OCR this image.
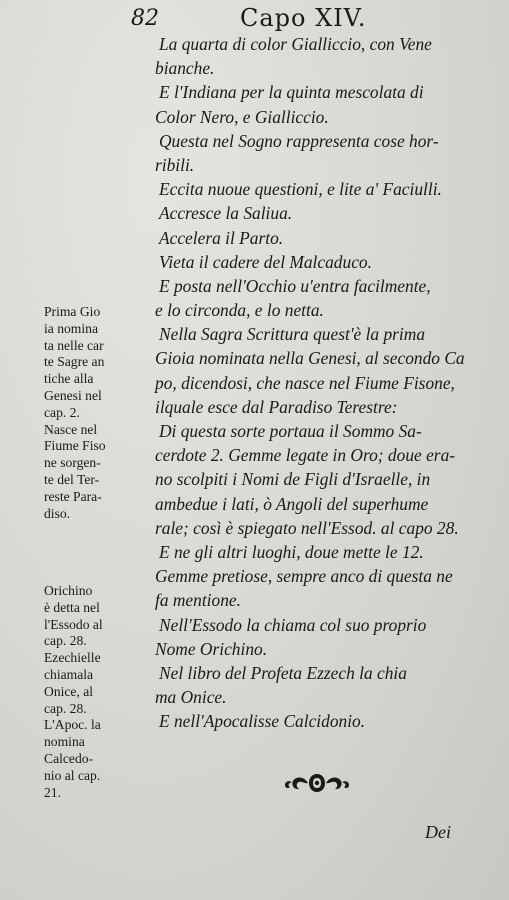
82	Capo XIV.
La quarta di color Gialliccio, con Vene
bianche.
E l'Indiana per la quinta mescolata di
Color Nero, e Gialliccio.
Questa nel Sogno rappresenta cose hor-
ribili.
Eccita nuoue questioni, e lite a' Faciulli.
Accresce la Saliua.
Accelera il Parto.
Vieta il cadere del Malcaduco.
E posta nell'Occhio u'entra facilmente,
e lo circonda, e lo netta.
Nella Sagra Scrittura quest'è la prima
Gioia nominata nella Genesi, al secondo Ca
po, dicendosi, che nasce nel Fiume Fisone,
ilquale esce dal Paradiso Terestre:
Di questa sorte portaua il Sommo Sa-
cerdote 2. Gemme legate in Oro; doue era-
no scolpiti i Nomi de Figli d'Israelle, in
ambedue i lati, ò Angoli del superhume
rale; così è spiegato nell'Essod. al capo 28.
E ne gli altri luoghi, doue mette le 12.
Gemme pretiose, sempre anco di questa ne
fa mentione.
Nell'Essodo la chiama col suo proprio
Nome Orichino.
Nel libro del Profeta Ezzech la chia
ma Onice.
E nell'Apocalisse Calcidonio.
Prima Gio
ia nomina
ta nelle car
te Sagre an
tiche alla
Genesi nel
cap. 2.
Nasce nel
Fiume Fiso
ne sorgen-
te del Ter-
reste Para-
diso.
Orichino
è detta nel
l'Essodo al
cap. 28.
Ezechielle
chiamala
Onice, al
cap. 28.
L'Apoc. la
nomina
Calcedo-
nio al cap.
21.
Dei
